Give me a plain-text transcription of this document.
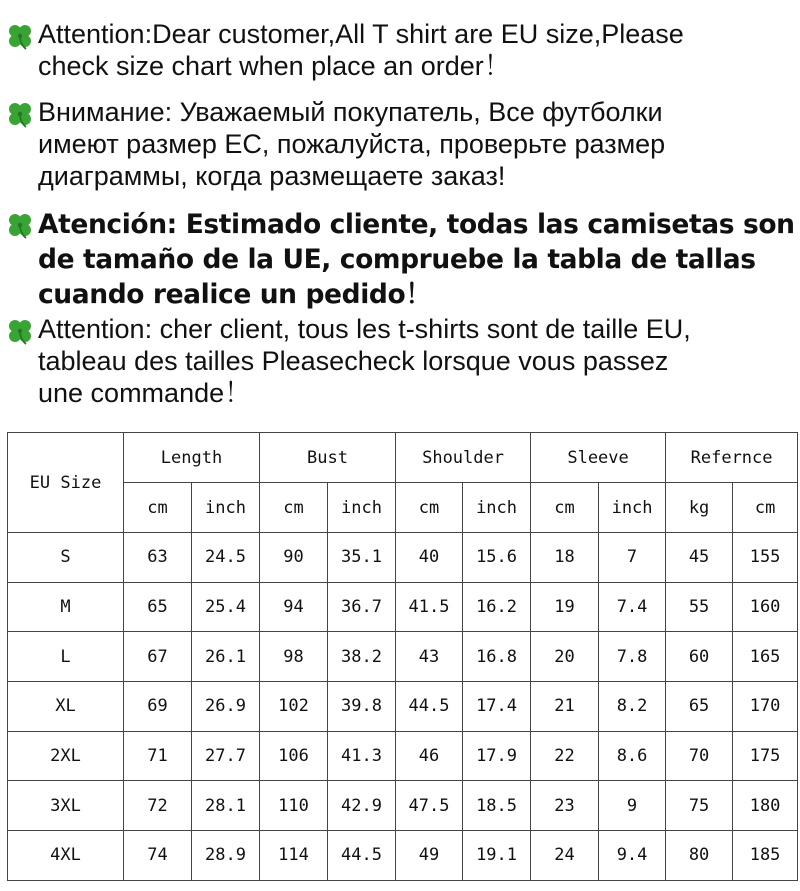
Attention:Dear customer,All T shirt are EU size,Please
check size chart when place an order！
Внимание: Уважаемый покупатель, Все футболки
имеют размер ЕС, пожалуйста, проверьте размер
диаграммы, когда размещаете заказ!
Atención: Estimado cliente, todas las camisetas son
de tamaño de la UE, compruebe la tabla de tallas
cuando realice un pedido！
Attention: cher client, tous les t-shirts sont de taille EU,
tableau des tailles Pleasecheck lorsque vous passez
une commande！
EU Size	Length		Bust		Shoulder		Sleeve		Refernce	
	cm	inch	cm	inch	cm	inch	cm	inch	kg	cm
S	63	24.5	90	35.1	40	15.6	18	7	45	155
M	65	25.4	94	36.7	41.5	16.2	19	7.4	55	160
L	67	26.1	98	38.2	43	16.8	20	7.8	60	165
XL	69	26.9	102	39.8	44.5	17.4	21	8.2	65	170
2XL	71	27.7	106	41.3	46	17.9	22	8.6	70	175
3XL	72	28.1	110	42.9	47.5	18.5	23	9	75	180
4XL	74	28.9	114	44.5	49	19.1	24	9.4	80	185
